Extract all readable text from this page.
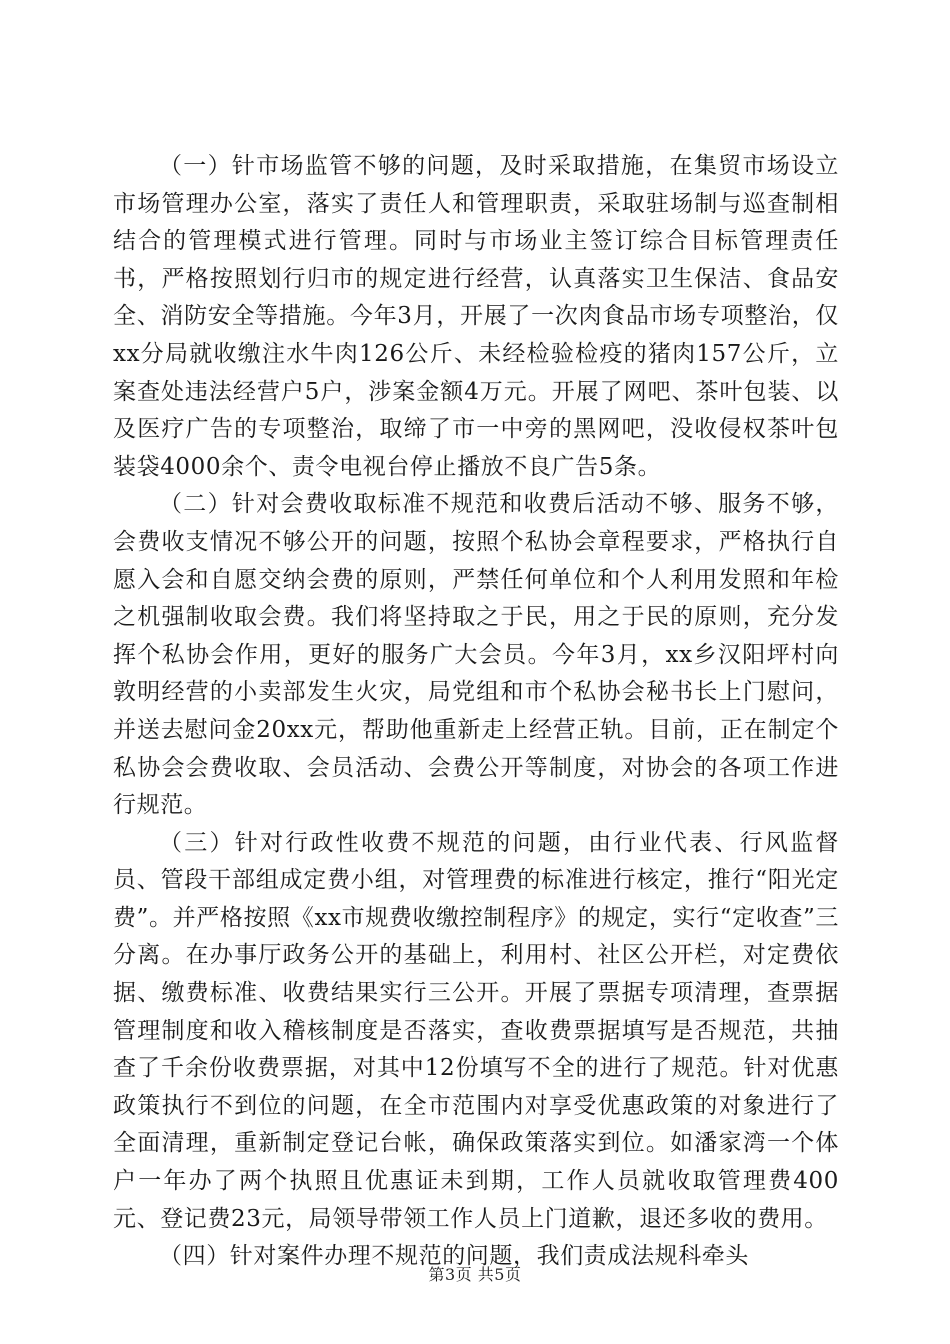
（一）针市场监管不够的问题，及时采取措施，在集贸市场设立市场管理办公室，落实了责任人和管理职责，采取驻场制与巡查制相结合的管理模式进行管理。同时与市场业主签订综合目标管理责任书，严格按照划行归市的规定进行经营，认真落实卫生保洁、食品安全、消防安全等措施。今年3月，开展了一次肉食品市场专项整治，仅xx分局就收缴注水牛肉126公斤、未经检验检疫的猪肉157公斤，立案查处违法经营户5户，涉案金额4万元。开展了网吧、茶叶包装、以及医疗广告的专项整治，取缔了市一中旁的黑网吧，没收侵权茶叶包装袋4000余个、责令电视台停止播放不良广告5条。

（二）针对会费收取标准不规范和收费后活动不够、服务不够，会费收支情况不够公开的问题，按照个私协会章程要求，严格执行自愿入会和自愿交纳会费的原则，严禁任何单位和个人利用发照和年检之机强制收取会费。我们将坚持取之于民，用之于民的原则，充分发挥个私协会作用，更好的服务广大会员。今年3月，xx乡汉阳坪村向敦明经营的小卖部发生火灾，局党组和市个私协会秘书长上门慰问，并送去慰问金20xx元，帮助他重新走上经营正轨。目前，正在制定个私协会会费收取、会员活动、会费公开等制度，对协会的各项工作进行规范。

（三）针对行政性收费不规范的问题，由行业代表、行风监督员、管段干部组成定费小组，对管理费的标准进行核定，推行“阳光定费”。并严格按照《xx市规费收缴控制程序》的规定，实行“定收查”三分离。在办事厅政务公开的基础上，利用村、社区公开栏，对定费依据、缴费标准、收费结果实行三公开。开展了票据专项清理，查票据管理制度和收入稽核制度是否落实，查收费票据填写是否规范，共抽查了千余份收费票据，对其中12份填写不全的进行了规范。针对优惠政策执行不到位的问题，在全市范围内对享受优惠政策的对象进行了全面清理，重新制定登记台帐，确保政策落实到位。如潘家湾一个体户一年办了两个执照且优惠证未到期，工作人员就收取管理费400元、登记费23元，局领导带领工作人员上门道歉，退还多收的费用。

（四）针对案件办理不规范的问题，我们责成法规科牵头

第3页 共5页
